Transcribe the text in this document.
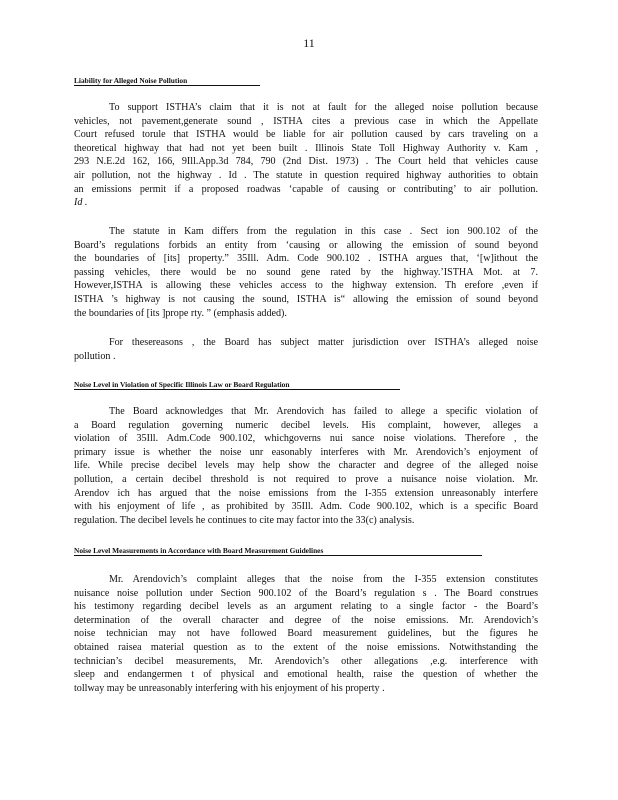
11
Liability for Alleged Noise Pollution
To support ISTHA’s claim that it is not at fault for the alleged noise pollution because
vehicles, not pavement,generate sound , ISTHA cites a previous case in which the Appellate
Court refused torule that ISTHA would be liable for air pollution caused by cars traveling on a
theoretical highway that had not yet been built . Illinois State Toll Highway Authority v. Kam ,
293 N.E.2d 162, 166, 9Ill.App.3d 784, 790 (2nd Dist. 1973) . The Court held that vehicles cause
air pollution, not the highway . Id . The statute in question required highway authorities to obtain
an emissions permit if a proposed roadwas ‘capable of causing or contributing’ to air pollution.
Id .
The statute in Kam differs from the regulation in this case . Sect ion 900.102 of the
Board’s regulations forbids an entity from ‘causing or allowing the emission of sound beyond
the boundaries of [its] property.” 35Ill. Adm. Code 900.102 . ISTHA argues that, ‘[w]ithout the
passing vehicles, there would be no sound gene rated by the highway.’ISTHA Mot. at 7.
However,ISTHA is allowing these vehicles access to the highway extension. Th erefore ,even if
ISTHA ’s highway is not causing the sound, ISTHA is“ allowing the emission of sound beyond
the boundaries of [its ]prope rty. ” (emphasis added).
For thesereasons , the Board has subject matter jurisdiction over ISTHA’s alleged noise
pollution .
Noise Level in Violation of Specific Illinois Law or Board Regulation
The Board acknowledges that Mr. Arendovich has failed to allege a specific violation of
a Board regulation governing numeric decibel levels. His complaint, however, alleges a
violation of 35Ill. Adm.Code 900.102, whichgoverns nui sance noise violations. Therefore , the
primary issue is whether the noise unr easonably interferes with Mr. Arendovich’s enjoyment of
life. While precise decibel levels may help show the character and degree of the alleged noise
pollution, a certain decibel threshold is not required to prove a nuisance noise violation. Mr.
Arendov ich has argued that the noise emissions from the I-355 extension unreasonably interfere
with his enjoyment of life , as prohibited by 35Ill. Adm. Code 900.102, which is a specific Board
regulation. The decibel levels he continues to cite may factor into the 33(c) analysis.
Noise Level Measurements in Accordance with Board Measurement Guidelines
Mr. Arendovich’s complaint alleges that the noise from the I-355 extension constitutes
nuisance noise pollution under Section 900.102 of the Board’s regulation s . The Board construes
his testimony regarding decibel levels as an argument relating to a single factor - the Board’s
determination of the overall character and degree of the noise emissions. Mr. Arendovich’s
noise technician may not have followed Board measurement guidelines, but the figures he
obtained raisea material question as to the extent of the noise emissions. Notwithstanding the
technician’s decibel measurements, Mr. Arendovich’s other allegations ,e.g. interference with
sleep and endangermen t of physical and emotional health, raise the question of whether the
tollway may be unreasonably interfering with his enjoyment of his property .
